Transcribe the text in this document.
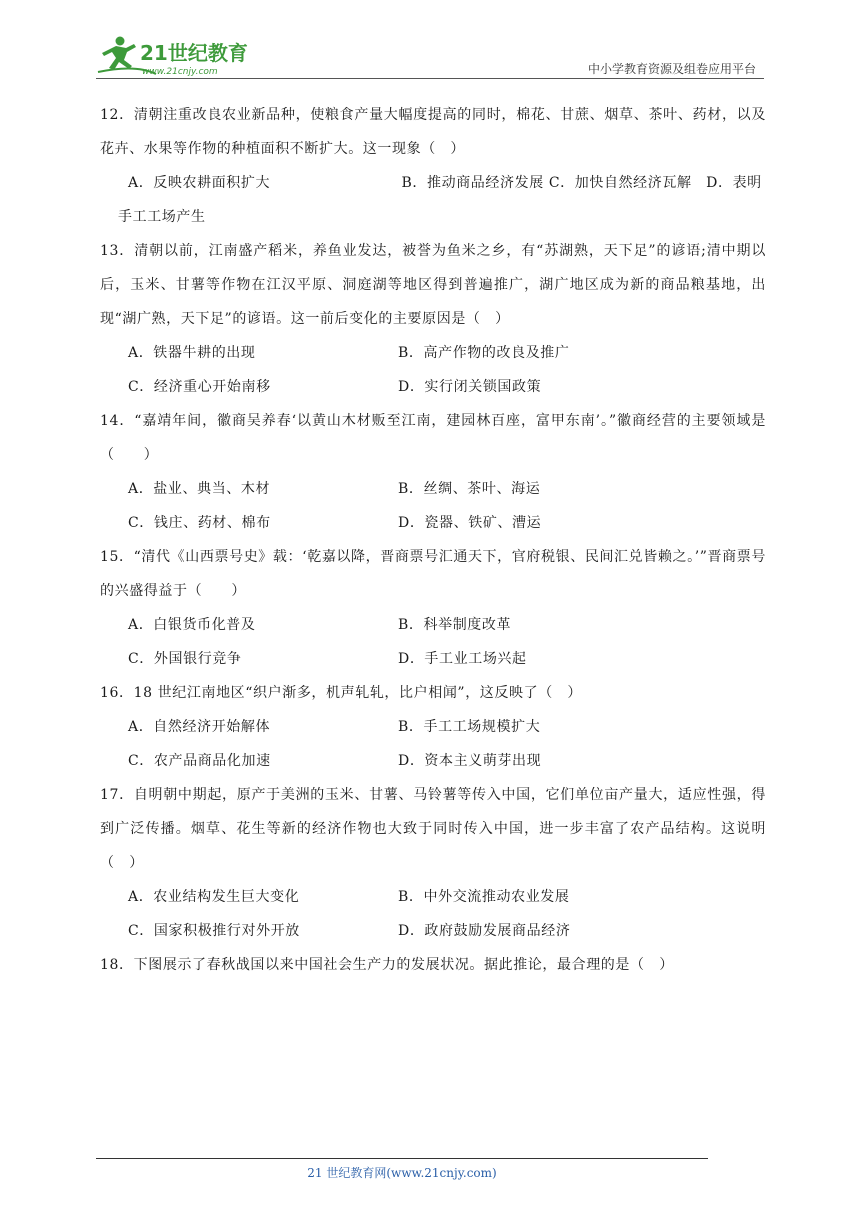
21世纪教育
www.21cnjy.com	中小学教育资源及组卷应用平台

12．清朝注重改良农业新品种，使粮食产量大幅度提高的同时，棉花、甘蔗、烟草、茶叶、药材，以及花卉、水果等作物的种植面积不断扩大。这一现象（　）

A．反映农耕面积扩大　　　　　　　　　B．推动商品经济发展 C．加快自然经济瓦解　D．表明
手工工场产生

13．清朝以前，江南盛产稻米，养鱼业发达，被誉为鱼米之乡，有“苏湖熟，天下足”的谚语;清中期以后，玉米、甘薯等作物在江汉平原、洞庭湖等地区得到普遍推广，湖广地区成为新的商品粮基地，出现“湖广熟，天下足”的谚语。这一前后变化的主要原因是（　）

A．铁器牛耕的出现	B．高产作物的改良及推广
C．经济重心开始南移	D．实行闭关锁国政策

14．“嘉靖年间，徽商吴养春‘以黄山木材贩至江南，建园林百座，富甲东南’。”徽商经营的主要领域是（　　）

A．盐业、典当、木材	B．丝绸、茶叶、海运
C．钱庄、药材、棉布	D．瓷器、铁矿、漕运

15．“清代《山西票号史》载：‘乾嘉以降，晋商票号汇通天下，官府税银、民间汇兑皆赖之。’”晋商票号的兴盛得益于（　　）

A．白银货币化普及	B．科举制度改革
C．外国银行竞争	D．手工业工场兴起

16．18 世纪江南地区“织户渐多，机声轧轧，比户相闻”，这反映了（　）

A．自然经济开始解体	B．手工工场规模扩大
C．农产品商品化加速	D．资本主义萌芽出现

17．自明朝中期起，原产于美洲的玉米、甘薯、马铃薯等传入中国，它们单位亩产量大，适应性强，得到广泛传播。烟草、花生等新的经济作物也大致于同时传入中国，进一步丰富了农产品结构。这说明（　）

A．农业结构发生巨大变化	B．中外交流推动农业发展
C．国家积极推行对外开放	D．政府鼓励发展商品经济

18．下图展示了春秋战国以来中国社会生产力的发展状况。据此推论，最合理的是（　）

21 世纪教育网(www.21cnjy.com)
